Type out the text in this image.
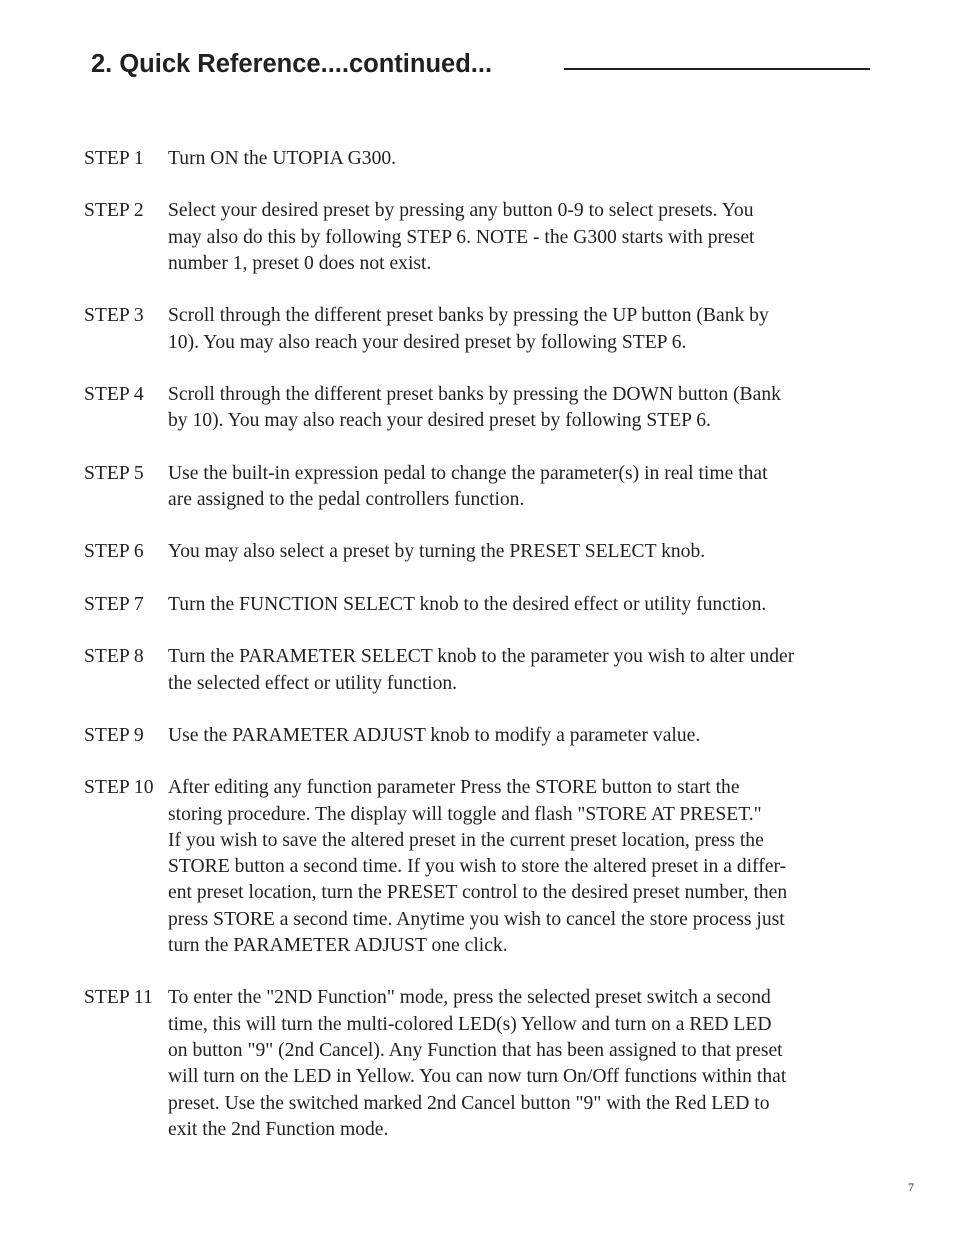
2. Quick Reference....continued...
STEP 1	Turn ON the UTOPIA G300.
STEP 2	Select your desired preset by pressing any button 0-9 to select presets. You
may also do this by following STEP 6. NOTE - the G300 starts with preset
number 1, preset 0 does not exist.
STEP 3	Scroll through the different preset banks by pressing the UP button (Bank by
10). You may also reach your desired preset by following STEP 6.
STEP 4	Scroll through the different preset banks by pressing the DOWN button (Bank
by 10). You may also reach your desired preset by following STEP 6.
STEP 5	Use the built-in expression pedal to change the parameter(s) in real time that
are assigned to the pedal controllers function.
STEP 6	You may also select a preset by turning the PRESET SELECT knob.
STEP 7	Turn the FUNCTION SELECT knob to the desired effect or utility function.
STEP 8	Turn the PARAMETER SELECT knob to the parameter you wish to alter under
the selected effect or utility function.
STEP 9	Use the PARAMETER ADJUST knob to modify a parameter value.
STEP 10 After editing any function parameter Press the STORE button to start the
storing procedure. The display will toggle and flash "STORE AT PRESET."
If you wish to save the altered preset in the current preset location, press the
STORE button a second time. If you wish to store the altered preset in a differ-
ent preset location, turn the PRESET control to the desired preset number, then
press STORE a second time. Anytime you wish to cancel the store process just
turn the PARAMETER ADJUST one click.
STEP 11 To enter the "2ND Function" mode, press the selected preset switch a second
time, this will turn the multi-colored LED(s) Yellow and turn on a RED LED
on button "9" (2nd Cancel). Any Function that has been assigned to that preset
will turn on the LED in Yellow. You can now turn On/Off functions within that
preset. Use the switched marked 2nd Cancel button "9" with the Red LED to
exit the 2nd Function mode.
7
